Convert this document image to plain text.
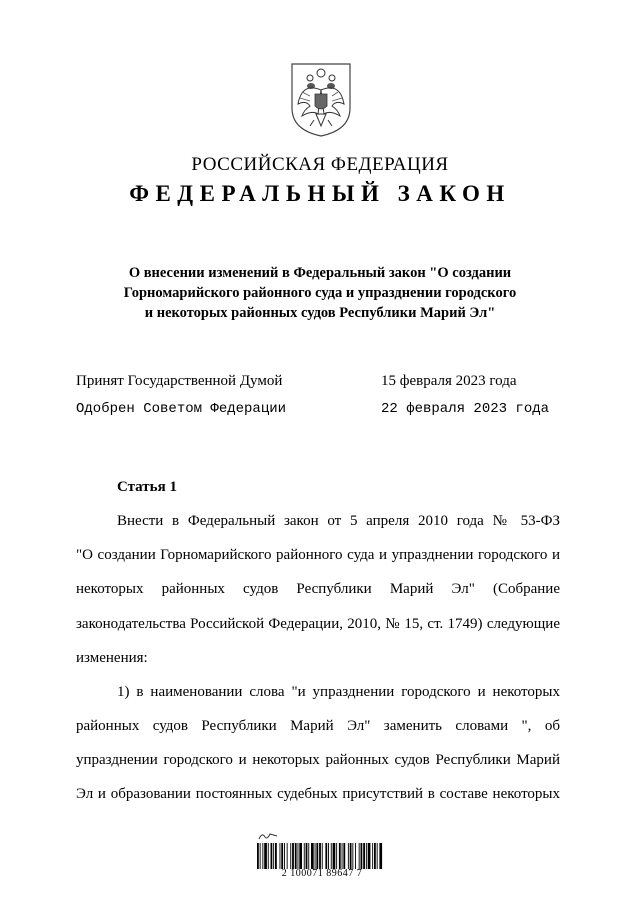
РОССИЙСКАЯ ФЕДЕРАЦИЯ
ФЕДЕРАЛЬНЫЙ ЗАКОН
О внесении изменений в Федеральный закон "О создании
Горномарийского районного суда и упразднении городского
и некоторых районных судов Республики Марий Эл"
Принят Государственной Думой	15 февраля 2023 года
Одобрен Советом Федерации	22 февраля 2023 года
Статья 1
Внести в Федеральный закон от 5 апреля 2010 года № 53-ФЗ
"О создании Горномарийского районного суда и упразднении городского и
некоторых районных судов Республики Марий Эл" (Собрание
законодательства Российской Федерации, 2010, № 15, ст. 1749) следующие
изменения:
1) в наименовании слова "и упразднении городского и некоторых
районных судов Республики Марий Эл" заменить словами ", об
упразднении городского и некоторых районных судов Республики Марий
Эл и образовании постоянных судебных присутствий в составе некоторых
2 100071 89647 7
